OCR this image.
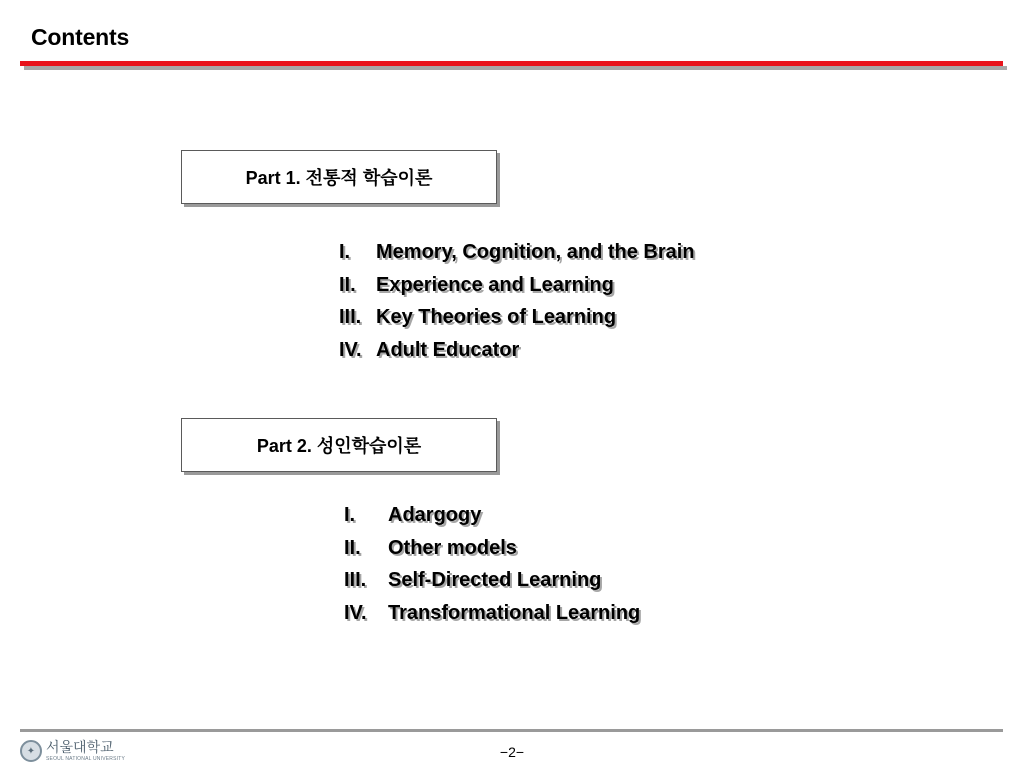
Contents
Part 1. 전통적 학습이론
I. Memory, Cognition, and the Brain
II. Experience and Learning
III. Key Theories of Learning
IV. Adult Educator
Part 2. 성인학습이론
I. Adargogy
II. Other models
III. Self-Directed Learning
IV. Transformational Learning
✦ 서울대학교
SEOUL NATIONAL UNIVERSITY	−2−
